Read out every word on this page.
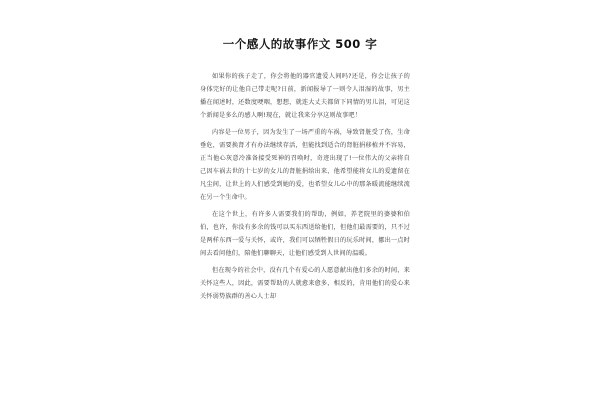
一个感人的故事作文 500 字

如果你的孩子走了，你会将他的器官遗爱人间吗?还是，你会让孩子的身体完好的让他自己带走呢?日前，新闻报导了一则令人泪湿的故事，男主播在闻述时，还数度哽咽，想想，就连大丈夫都留下同情的男儿泪，可见这个新闻是多么的感人啊!现在，就让我来分享这则故事吧！

内容是一位男子，因为发生了一场严重的车祸，导致肾脏受了伤，生命垂危，需要换肾才有办法继续存活，但能找到适合的肾脏捐移植并不容易，正当他心灰意冷准备接受死神的召唤时，奇迹出现了!一位伟大的父亲将自己因车祸去世的十七岁的女儿的肾脏捐给出来，他希望能将女儿的爱遗留在凡尘间，让世上的人们感受到她的爱，也希望女儿心中的那条暖流能继续流在另一个生命中。

在这个世上，有许多人需要我们的帮助，例如，养老院里的婆婆和伯伯，也许，你没有多余的钱可以买东西送给他们，但他们最需要的，只不过是两样东西一爱与关怀，或许，我们可以牺牲假日的玩乐时间，挪出一点时间去看问他们，陪他们聊聊天，让他们感受到人世间的温暖。

但在现今的社会中，没有几个有爱心的人愿意献出他们多余的时间，来关怀这些人，因此，需要帮助的人就愈来愈多，相反的，肯用他们的爱心来关怀弱势族群的善心人士却
